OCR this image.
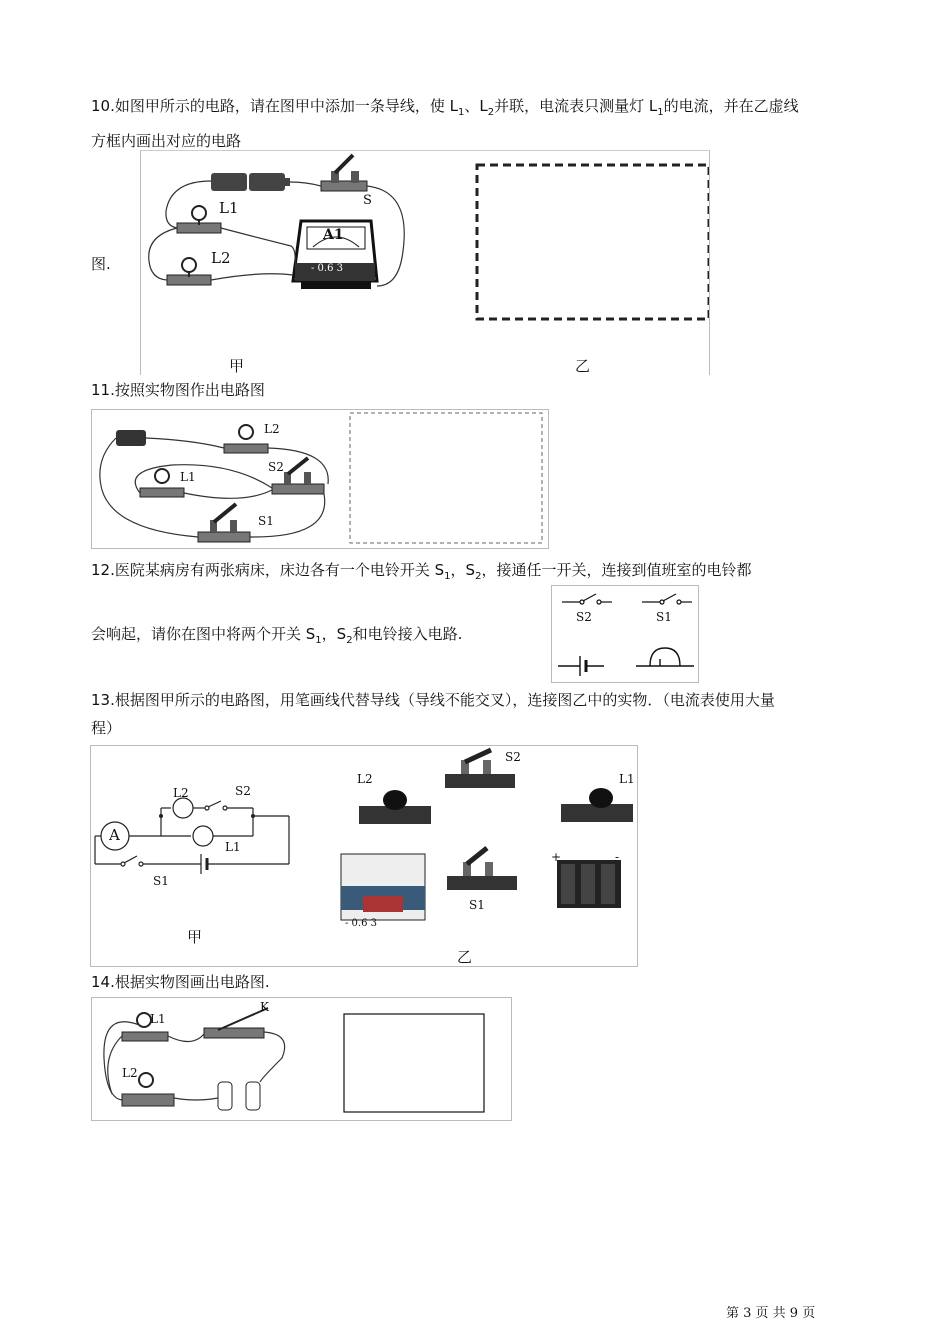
10.如图甲所示的电路，请在图甲中添加一条导线，使 $L_1$、$L_2$并联，电流表只测量灯 $L_1$的电流，并在乙虚线
方框内画出对应的电路
图.
L1
L2
S
A1
- 0.6 3
甲	乙
11.按照实物图作出电路图
L2
L1
S2
S1
12.医院某病房有两张病床，床边各有一个电铃开关 $S_1$，$S_2$，接通任一开关，连接到值班室的电铃都
会响起，请你在图中将两个开关 $S_1$，$S_2$和电铃接入电路.
S2	S1
13.根据图甲所示的电路图，用笔画线代替导线（导线不能交叉），连接图乙中的实物．（电流表使用大量
程）
A
L2	S2
L1
S1
L2
S2
L1
S1
+	-
- 0.6 3
甲
乙
14.根据实物图画出电路图.
L1
K
L2
第 3 页 共 9 页
